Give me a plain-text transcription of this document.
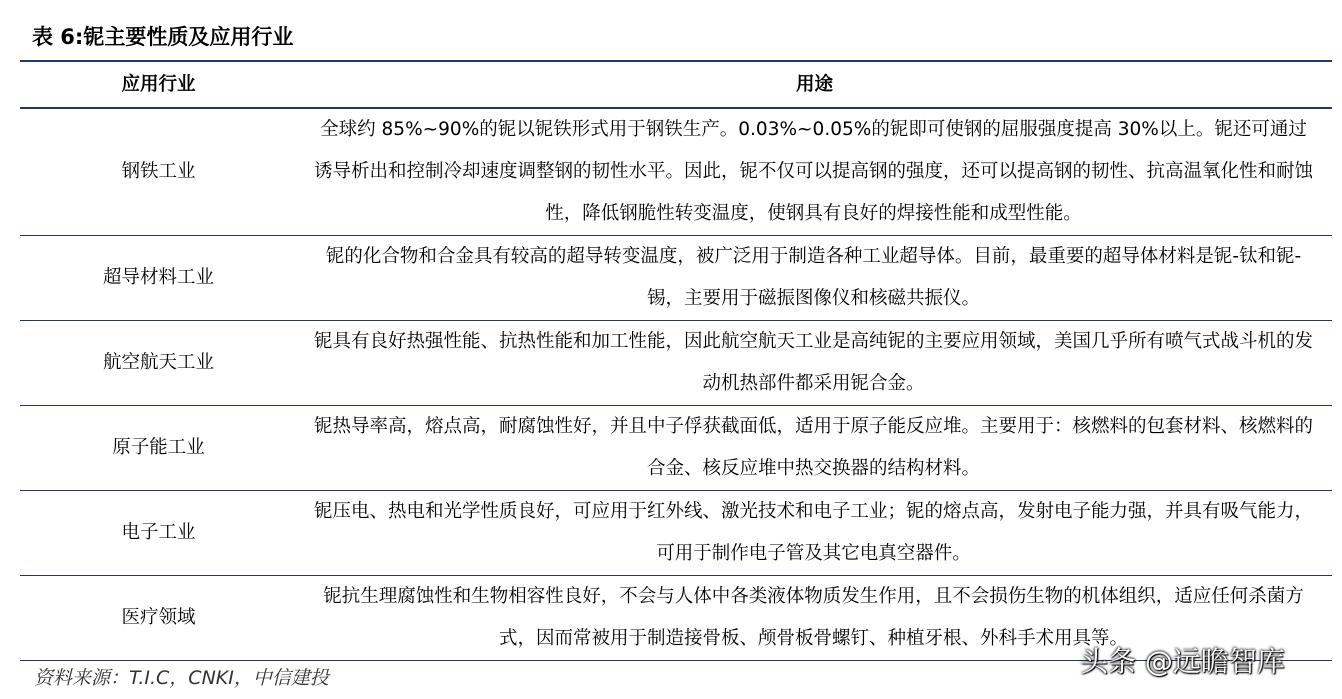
表 6:铌主要性质及应用行业
应用行业	用途
钢铁工业	全球约 85%~90%的铌以铌铁形式用于钢铁生产。0.03%~0.05%的铌即可使钢的屈服强度提高 30%以上。铌还可通过诱导析出和控制冷却速度调整钢的韧性水平。因此，铌不仅可以提高钢的强度，还可以提高钢的韧性、抗高温氧化性和耐蚀性，降低钢脆性转变温度，使钢具有良好的焊接性能和成型性能。
超导材料工业	铌的化合物和合金具有较高的超导转变温度，被广泛用于制造各种工业超导体。目前，最重要的超导体材料是铌-钛和铌-锡，主要用于磁振图像仪和核磁共振仪。
航空航天工业	铌具有良好热强性能、抗热性能和加工性能，因此航空航天工业是高纯铌的主要应用领域，美国几乎所有喷气式战斗机的发动机热部件都采用铌合金。
原子能工业	铌热导率高，熔点高，耐腐蚀性好，并且中子俘获截面低，适用于原子能反应堆。主要用于：核燃料的包套材料、核燃料的合金、核反应堆中热交换器的结构材料。
电子工业	铌压电、热电和光学性质良好，可应用于红外线、激光技术和电子工业；铌的熔点高，发射电子能力强，并具有吸气能力，可用于制作电子管及其它电真空器件。
医疗领域	铌抗生理腐蚀性和生物相容性良好，不会与人体中各类液体物质发生作用，且不会损伤生物的机体组织，适应任何杀菌方式，因而常被用于制造接骨板、颅骨板骨螺钉、种植牙根、外科手术用具等。
资料来源：T.I.C，CNKI，中信建投	头条 @远瞻智库
